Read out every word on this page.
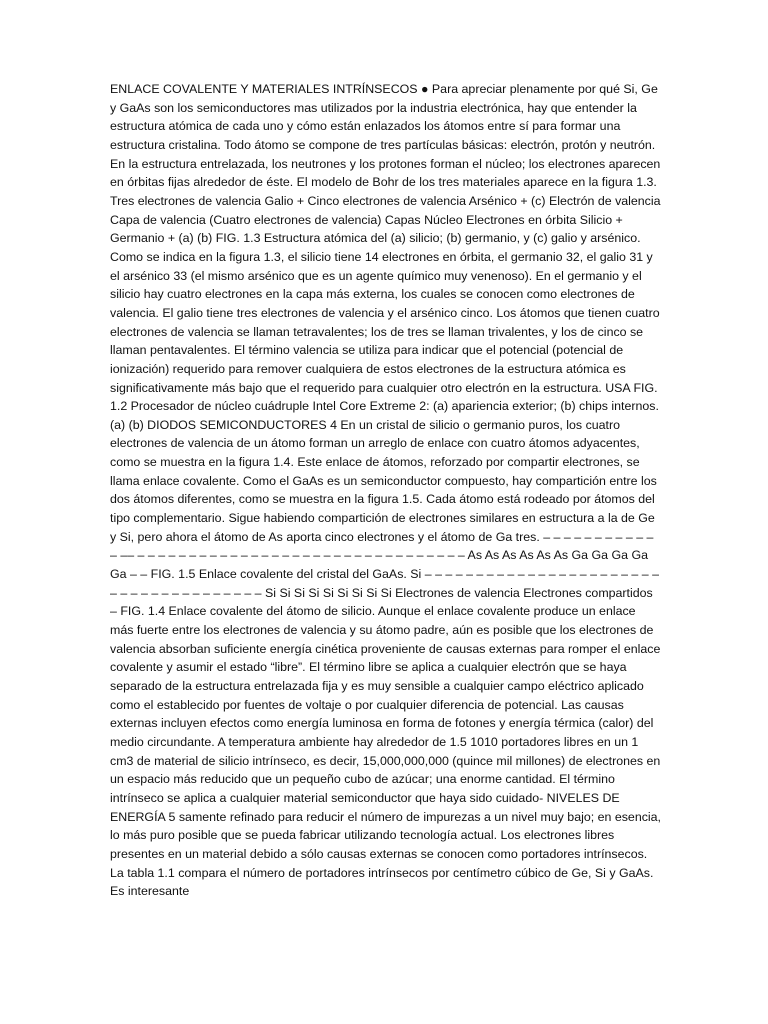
ENLACE COVALENTE Y MATERIALES INTRÍNSECOS ● Para apreciar plenamente por qué Si, Ge y GaAs son los semiconductores mas utilizados por la industria electrónica, hay que entender la estructura atómica de cada uno y cómo están enlazados los átomos entre sí para formar una estructura cristalina. Todo átomo se compone de tres partículas básicas: electrón, protón y neutrón. En la estructura entrelazada, los neutrones y los protones forman el núcleo; los electrones aparecen en órbitas fijas alrededor de éste. El modelo de Bohr de los tres materiales aparece en la figura 1.3. Tres electrones de valencia Galio + Cinco electrones de valencia Arsénico + (c) Electrón de valencia Capa de valencia (Cuatro electrones de valencia) Capas Núcleo Electrones en órbita Silicio + Germanio + (a) (b) FIG. 1.3 Estructura atómica del (a) silicio; (b) germanio, y (c) galio y arsénico. Como se indica en la figura 1.3, el silicio tiene 14 electrones en órbita, el germanio 32, el galio 31 y el arsénico 33 (el mismo arsénico que es un agente químico muy venenoso). En el germanio y el silicio hay cuatro electrones en la capa más externa, los cuales se conocen como electrones de valencia. El galio tiene tres electrones de valencia y el arsénico cinco. Los átomos que tienen cuatro electrones de valencia se llaman tetravalentes; los de tres se llaman trivalentes, y los de cinco se llaman pentavalentes. El término valencia se utiliza para indicar que el potencial (potencial de ionización) requerido para remover cualquiera de estos electrones de la estructura atómica es significativamente más bajo que el requerido para cualquier otro electrón en la estructura. USA FIG. 1.2 Procesador de núcleo cuádruple Intel Core Extreme 2: (a) apariencia exterior; (b) chips internos. (a) (b) DIODOS SEMICONDUCTORES 4 En un cristal de silicio o germanio puros, los cuatro electrones de valencia de un átomo forman un arreglo de enlace con cuatro átomos adyacentes, como se muestra en la figura 1.4. Este enlace de átomos, reforzado por compartir electrones, se llama enlace covalente. Como el GaAs es un semiconductor compuesto, hay compartición entre los dos átomos diferentes, como se muestra en la figura 1.5. Cada átomo está rodeado por átomos del tipo complementario. Sigue habiendo compartición de electrones similares en estructura a la de Ge y Si, pero ahora el átomo de As aporta cinco electrones y el átomo de Ga tres. – – – – – – – – – – – – –– – – – – – – – – – – – – – – – – – – – – – – – – – – – – – – – – As As As As As As Ga Ga Ga Ga Ga – – FIG. 1.5 Enlace covalente del cristal del GaAs. Si – – – – – – – – – – – – – – – – – – – – – – – – – – – – – – – – – – – – – – Si Si Si Si Si Si Si Si Si Electrones de valencia Electrones compartidos – FIG. 1.4 Enlace covalente del átomo de silicio. Aunque el enlace covalente produce un enlace más fuerte entre los electrones de valencia y su átomo padre, aún es posible que los electrones de valencia absorban suficiente energía cinética proveniente de causas externas para romper el enlace covalente y asumir el estado “libre”. El término libre se aplica a cualquier electrón que se haya separado de la estructura entrelazada fija y es muy sensible a cualquier campo eléctrico aplicado como el establecido por fuentes de voltaje o por cualquier diferencia de potencial. Las causas externas incluyen efectos como energía luminosa en forma de fotones y energía térmica (calor) del medio circundante. A temperatura ambiente hay alrededor de 1.5 1010 portadores libres en un 1 cm3 de material de silicio intrínseco, es decir, 15,000,000,000 (quince mil millones) de electrones en un espacio más reducido que un pequeño cubo de azúcar; una enorme cantidad. El término intrínseco se aplica a cualquier material semiconductor que haya sido cuidado- NIVELES DE ENERGÍA 5 samente refinado para reducir el número de impurezas a un nivel muy bajo; en esencia, lo más puro posible que se pueda fabricar utilizando tecnología actual. Los electrones libres presentes en un material debido a sólo causas externas se conocen como portadores intrínsecos. La tabla 1.1 compara el número de portadores intrínsecos por centímetro cúbico de Ge, Si y GaAs. Es interesante
